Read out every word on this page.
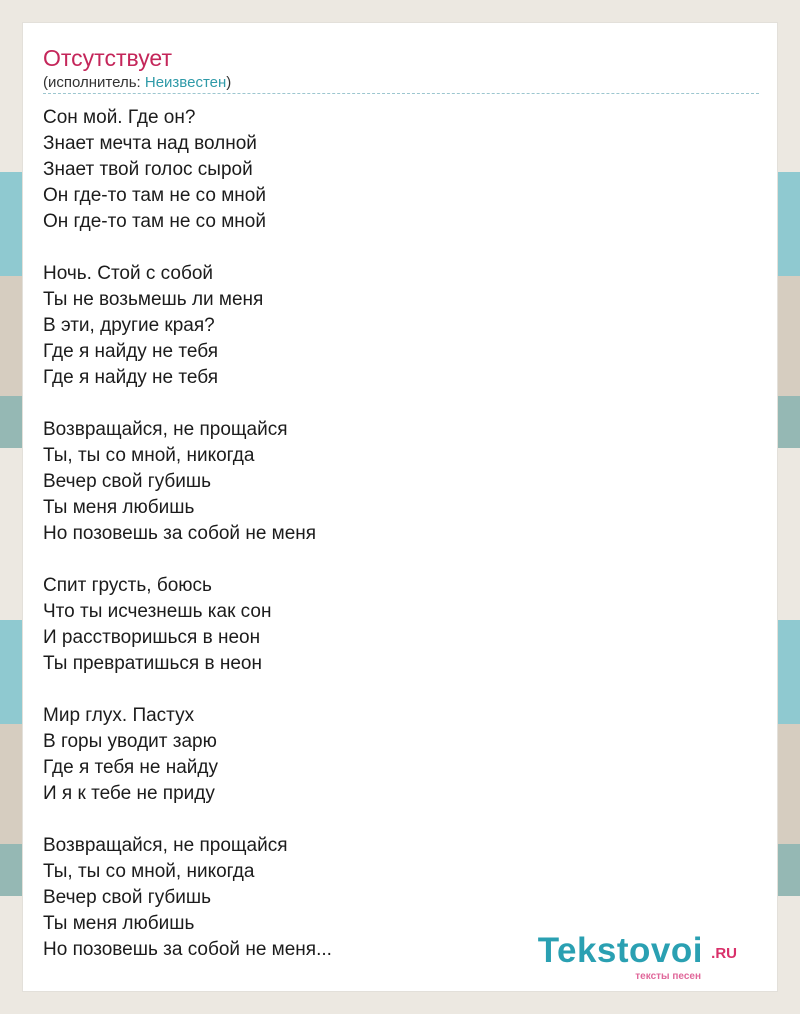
Отсутствует
(исполнитель: Неизвестен)
Сон мой. Где он?
Знает мечта над волной
Знает твой голос сырой
Он где-то там не со мной
Он где-то там не со мной
Ночь. Стой с собой
Ты не возьмешь ли меня
В эти, другие края?
Где я найду не тебя
Где я найду не тебя
Возвращайся, не прощайся
Ты, ты со мной, никогда
Вечер свой губишь
Ты меня любишь
Но позовешь за собой не меня
Спит грусть, боюсь
Что ты исчезнешь как сон
И расстворишься в неон
Ты превратишься в неон
Мир глух. Пастух
В горы уводит зарю
Где я тебя не найду
И я к тебе не приду
Возвращайся, не прощайся
Ты, ты со мной, никогда
Вечер свой губишь
Ты меня любишь
Но позовешь за собой не меня...	Tekstovoi .RU
тексты песен
